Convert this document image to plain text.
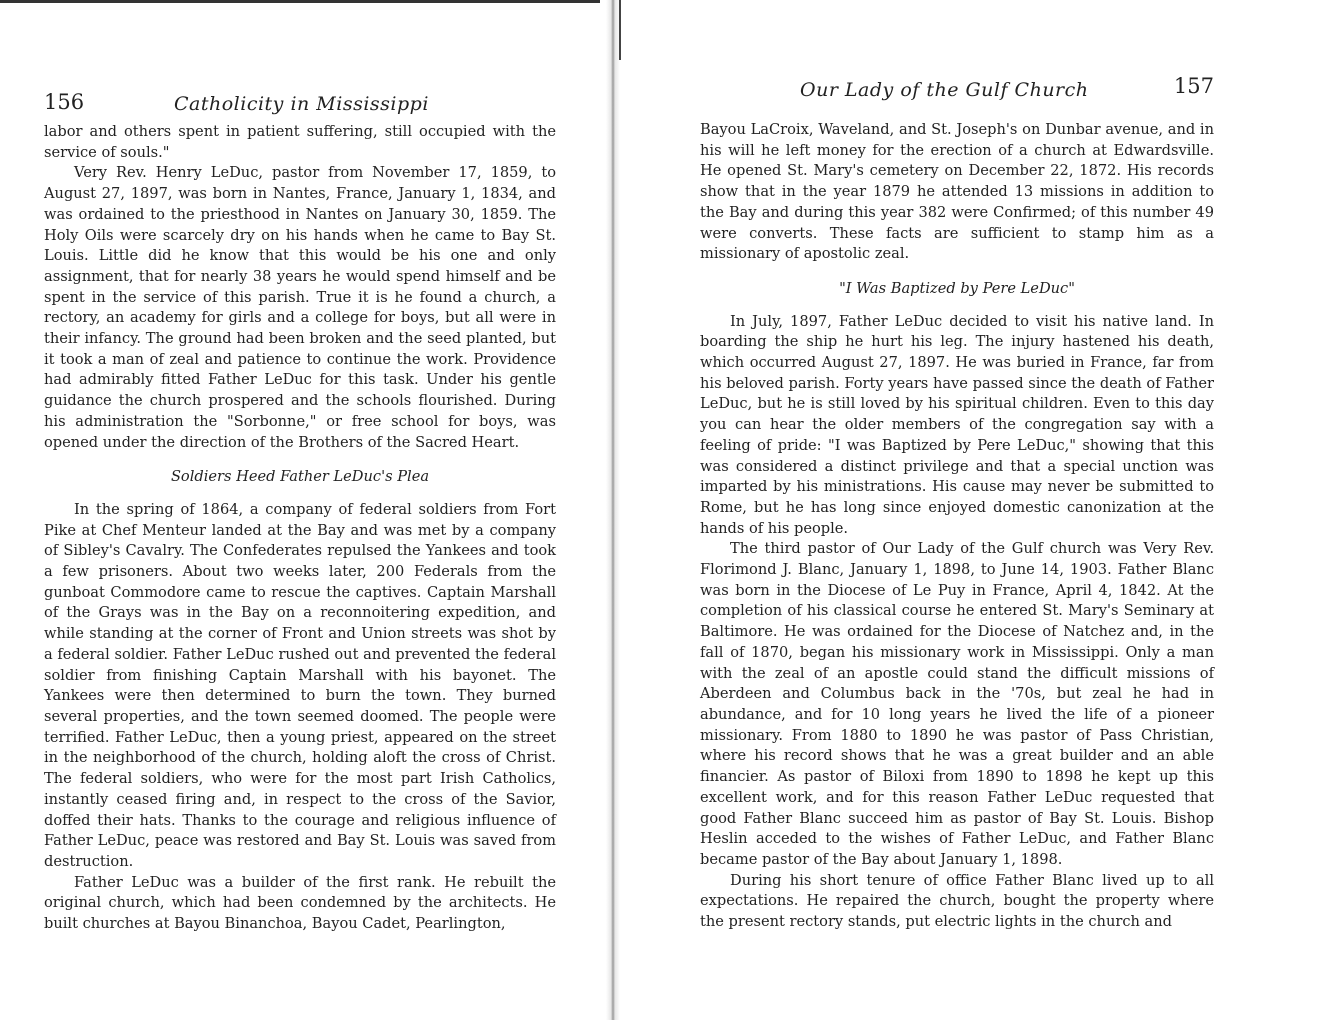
156	Catholicity in Mississippi

labor and others spent in patient suffering, still occupied with the service of souls."

Very Rev. Henry LeDuc, pastor from November 17, 1859, to August 27, 1897, was born in Nantes, France, January 1, 1834, and was ordained to the priesthood in Nantes on January 30, 1859. The Holy Oils were scarcely dry on his hands when he came to Bay St. Louis. Little did he know that this would be his one and only assignment, that for nearly 38 years he would spend himself and be spent in the service of this parish. True it is he found a church, a rectory, an academy for girls and a college for boys, but all were in their infancy. The ground had been broken and the seed planted, but it took a man of zeal and patience to continue the work. Providence had admirably fitted Father LeDuc for this task. Under his gentle guidance the church prospered and the schools flourished. During his administration the "Sorbonne," or free school for boys, was opened under the direction of the Brothers of the Sacred Heart.

Soldiers Heed Father LeDuc's Plea

In the spring of 1864, a company of federal soldiers from Fort Pike at Chef Menteur landed at the Bay and was met by a company of Sibley's Cavalry. The Confederates repulsed the Yankees and took a few prisoners. About two weeks later, 200 Federals from the gunboat Commodore came to rescue the captives. Captain Marshall of the Grays was in the Bay on a reconnoitering expedition, and while standing at the corner of Front and Union streets was shot by a federal soldier. Father LeDuc rushed out and prevented the federal soldier from finishing Captain Marshall with his bayonet. The Yankees were then determined to burn the town. They burned several properties, and the town seemed doomed. The people were terrified. Father LeDuc, then a young priest, appeared on the street in the neighborhood of the church, holding aloft the cross of Christ. The federal soldiers, who were for the most part Irish Catholics, instantly ceased firing and, in respect to the cross of the Savior, doffed their hats. Thanks to the courage and religious influence of Father LeDuc, peace was restored and Bay St. Louis was saved from destruction.

Father LeDuc was a builder of the first rank. He rebuilt the original church, which had been condemned by the architects. He built churches at Bayou Binanchoa, Bayou Cadet, Pearlington,

Our Lady of the Gulf Church	157

Bayou LaCroix, Waveland, and St. Joseph's on Dunbar avenue, and in his will he left money for the erection of a church at Edwardsville. He opened St. Mary's cemetery on December 22, 1872. His records show that in the year 1879 he attended 13 missions in addition to the Bay and during this year 382 were Confirmed; of this number 49 were converts. These facts are sufficient to stamp him as a missionary of apostolic zeal.

"I Was Baptized by Pere LeDuc"

In July, 1897, Father LeDuc decided to visit his native land. In boarding the ship he hurt his leg. The injury hastened his death, which occurred August 27, 1897. He was buried in France, far from his beloved parish. Forty years have passed since the death of Father LeDuc, but he is still loved by his spiritual children. Even to this day you can hear the older members of the congregation say with a feeling of pride: "I was Baptized by Pere LeDuc," showing that this was considered a distinct privilege and that a special unction was imparted by his ministrations. His cause may never be submitted to Rome, but he has long since enjoyed domestic canonization at the hands of his people.

The third pastor of Our Lady of the Gulf church was Very Rev. Florimond J. Blanc, January 1, 1898, to June 14, 1903. Father Blanc was born in the Diocese of Le Puy in France, April 4, 1842. At the completion of his classical course he entered St. Mary's Seminary at Baltimore. He was ordained for the Diocese of Natchez and, in the fall of 1870, began his missionary work in Mississippi. Only a man with the zeal of an apostle could stand the difficult missions of Aberdeen and Columbus back in the '70s, but zeal he had in abundance, and for 10 long years he lived the life of a pioneer missionary. From 1880 to 1890 he was pastor of Pass Christian, where his record shows that he was a great builder and an able financier. As pastor of Biloxi from 1890 to 1898 he kept up this excellent work, and for this reason Father LeDuc requested that good Father Blanc succeed him as pastor of Bay St. Louis. Bishop Heslin acceded to the wishes of Father LeDuc, and Father Blanc became pastor of the Bay about January 1, 1898.

During his short tenure of office Father Blanc lived up to all expectations. He repaired the church, bought the property where the present rectory stands, put electric lights in the church and
